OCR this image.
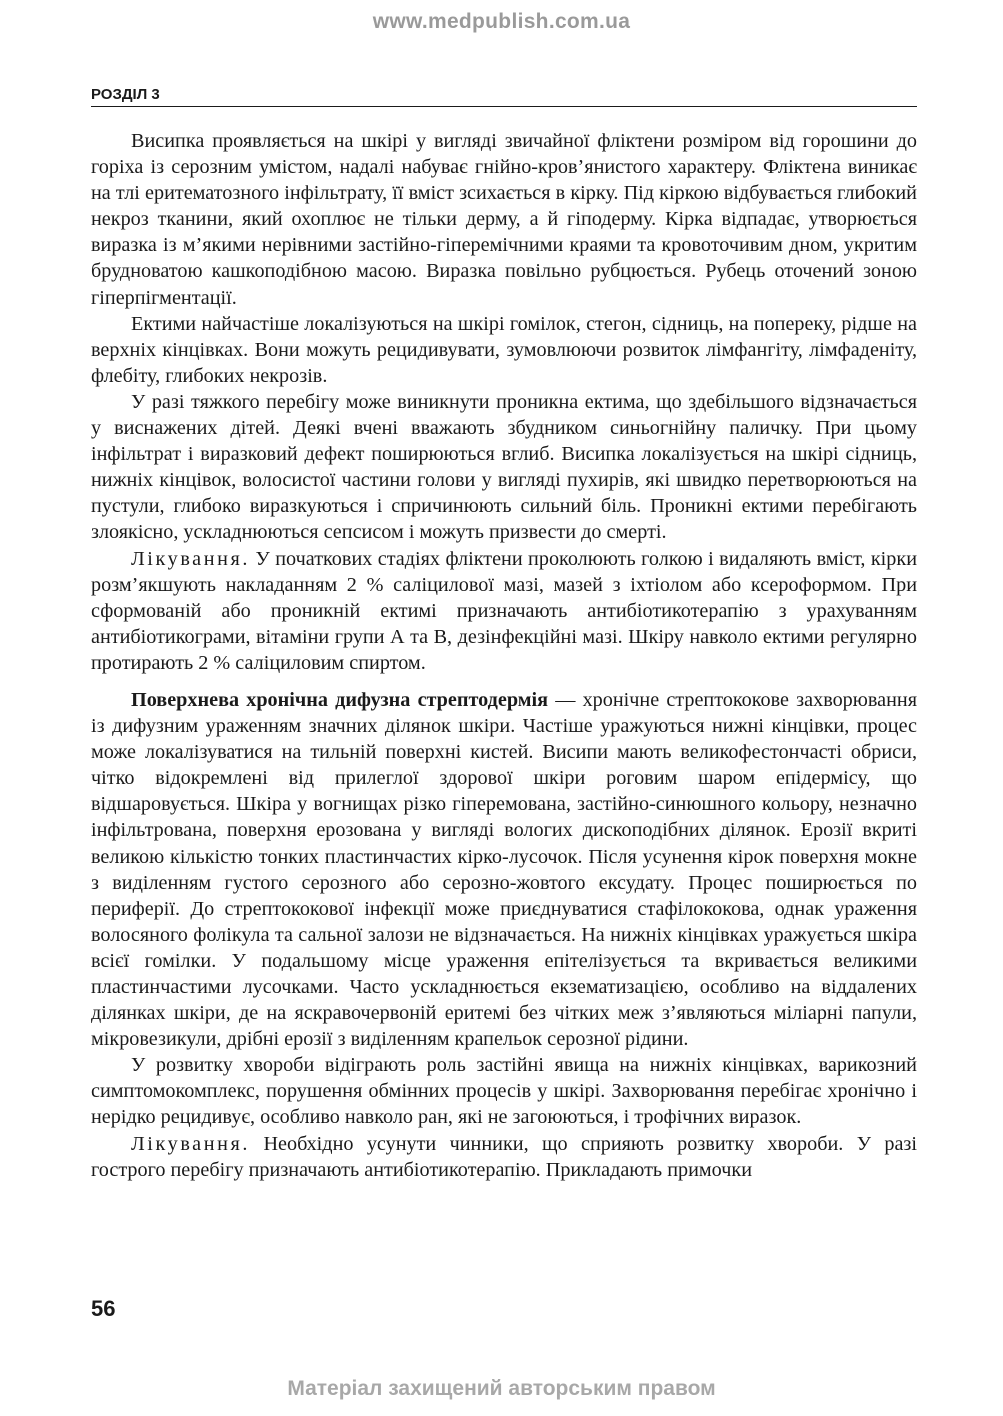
www.medpublish.com.ua
РОЗДІЛ 3

Висипка проявляється на шкірі у вигляді звичайної фліктени розміром від горошини до горіха із серозним умістом, надалі набуває гнійно-кров’янистого характеру. Фліктена виникає на тлі еритематозного інфільтрату, її вміст зсихається в кірку. Під кіркою відбувається глибокий некроз тканини, який охоплює не тільки дерму, а й гіподерму. Кірка відпадає, утворюється виразка із м’якими нерівними застійно-гіперемічними краями та кровоточивим дном, укритим брудноватою кашкоподібною масою. Виразка повільно рубцюється. Рубець оточений зоною гіперпігментації.

Ектими найчастіше локалізуються на шкірі гомілок, стегон, сідниць, на попереку, рідше на верхніх кінцівках. Вони можуть рецидивувати, зумовлюючи розвиток лімфангіту, лімфаденіту, флебіту, глибоких некрозів.

У разі тяжкого перебігу може виникнути проникна ектима, що здебільшого відзначається у виснажених дітей. Деякі вчені вважають збудником синьогнійну паличку. При цьому інфільтрат і виразковий дефект поширюються вглиб. Висипка локалізується на шкірі сідниць, нижніх кінцівок, волосистої частини голови у вигляді пухирів, які швидко перетворюються на пустули, глибоко виразкуються і спричинюють сильний біль. Проникні ектими перебігають злоякісно, ускладнюються сепсисом і можуть призвести до смерті.

Лікування. У початкових стадіях фліктени проколюють голкою і видаляють вміст, кірки розм’якшують накладанням 2 % саліцилової мазі, мазей з іхтіолом або ксероформом. При сформованій або проникній ектимі призначають антибіотикотерапію з урахуванням антибіотикограми, вітаміни групи А та В, дезінфекційні мазі. Шкіру навколо ектими регулярно протирають 2 % саліциловим спиртом.

Поверхнева хронічна дифузна стрептодермія — хронічне стрептококове захворювання із дифузним ураженням значних ділянок шкіри. Частіше уражуються нижні кінцівки, процес може локалізуватися на тильній поверхні кистей. Висипи мають великофестончасті обриси, чітко відокремлені від прилеглої здорової шкіри роговим шаром епідермісу, що відшаровується. Шкіра у вогнищах різко гіперемована, застійно-синюшного кольору, незначно інфільтрована, поверхня ерозована у вигляді вологих дископодібних ділянок. Ерозії вкриті великою кількістю тонких пластинчастих кірко-лусочок. Після усунення кірок поверхня мокне з виділенням густого серозного або серозно-жовтого ексудату. Процес поширюється по периферії. До стрептококової інфекції може приєднуватися стафілококова, однак ураження волосяного фолікула та сальної залози не відзначається. На нижніх кінцівках уражується шкіра всієї гомілки. У подальшому місце ураження епітелізується та вкривається великими пластинчастими лусочками. Часто ускладнюється екзематизацією, особливо на віддалених ділянках шкіри, де на яскравочервоній еритемі без чітких меж з’являються міліарні папули, мікровезикули, дрібні ерозії з виділенням крапельок серозної рідини.

У розвитку хвороби відіграють роль застійні явища на нижніх кінцівках, варикозний симптомокомплекс, порушення обмінних процесів у шкірі. Захворювання перебігає хронічно і нерідко рецидивує, особливо навколо ран, які не загоюються, і трофічних виразок.

Лікування. Необхідно усунути чинники, що сприяють розвитку хвороби. У разі гострого перебігу призначають антибіотикотерапію. Прикладають примочки

56
Матеріал захищений авторським правом
